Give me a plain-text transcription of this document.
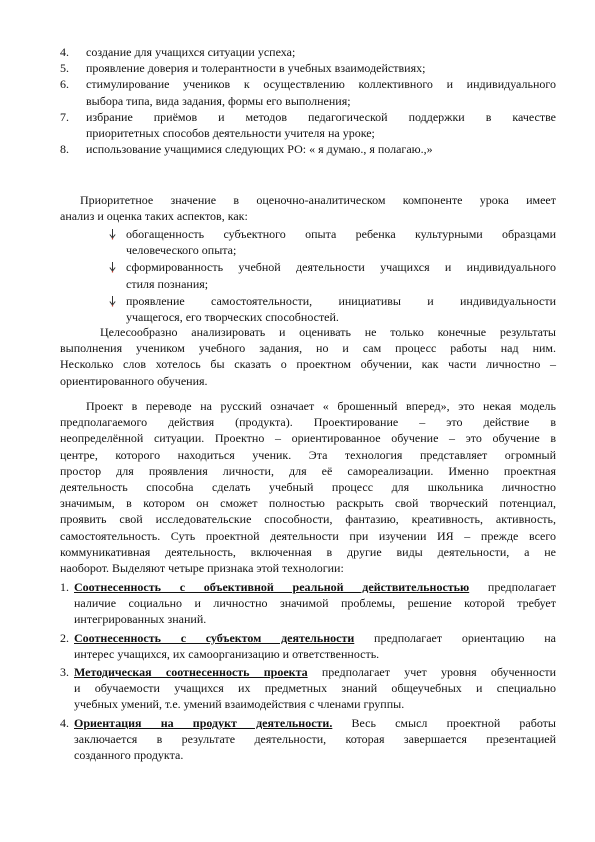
4. создание для учащихся ситуации успеха;
5. проявление доверия и толерантности в учебных взаимодействиях;
6. стимулирование учеников к осуществлению коллективного и индивидуального
выбора типа, вида задания, формы его выполнения;
7. избрание приёмов и методов педагогической поддержки в качестве
приоритетных способов деятельности учителя на уроке;
8. использование учащимися следующих РО: « я думаю., я полагаю.,»
Приоритетное значение в оценочно-аналитическом компоненте урока имеет
анализ и оценка таких аспектов, как:
обогащенность субъектного опыта ребенка культурными образцами
человеческого опыта;
сформированность учебной деятельности учащихся и индивидуального
стиля познания;
проявление самостоятельности, инициативы и индивидуальности
учащегося, его творческих способностей.
Целесообразно анализировать и оценивать не только конечные результаты
выполнения учеником учебного задания, но и сам процесс работы над ним.
Несколько слов хотелось бы сказать о проектном обучении, как части личностно –
ориентированного обучения.
Проект в переводе на русский означает « брошенный вперед», это некая модель
предполагаемого действия (продукта). Проектирование – это действие в
неопределённой ситуации. Проектно – ориентированное обучение – это обучение в
центре, которого находиться ученик. Эта технология представляет огромный
простор для проявления личности, для её самореализации. Именно проектная
деятельность способна сделать учебный процесс для школьника личностно
значимым, в котором он сможет полностью раскрыть свой творческий потенциал,
проявить свой исследовательские способности, фантазию, креативность, активность,
самостоятельность. Суть проектной деятельности при изучении ИЯ – прежде всего
коммуникативная деятельность, включенная в другие виды деятельности, а не
наоборот. Выделяют четыре признака этой технологии:
1. Соотнесенность с объективной реальной действительностью предполагает
наличие социально и личностно значимой проблемы, решение которой требует
интегрированных знаний.
2. Соотнесенность с субъектом деятельности предполагает ориентацию на
интерес учащихся, их самоорганизацию и ответственность.
3. Методическая соотнесенность проекта предполагает учет уровня обученности
и обучаемости учащихся их предметных знаний общеучебных и специально
учебных умений, т.е. умений взаимодействия с членами группы.
4. Ориентация на продукт деятельности. Весь смысл проектной работы
заключается в результате деятельности, которая завершается презентацией
созданного продукта.
